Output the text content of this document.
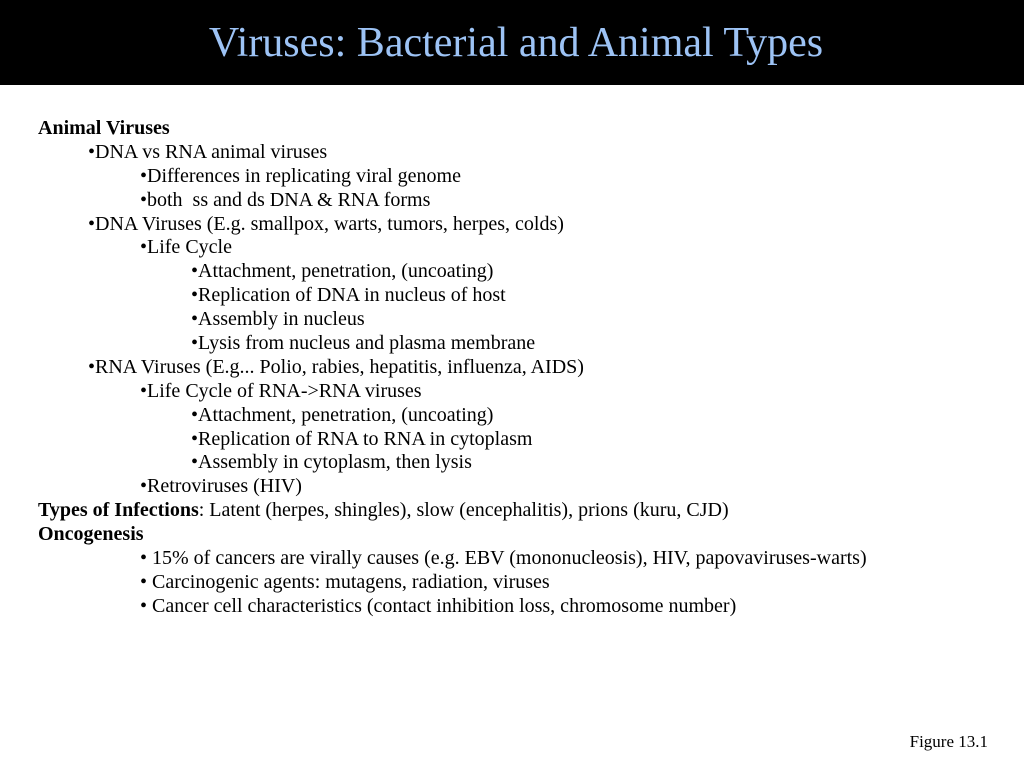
Viruses: Bacterial and Animal Types
Animal Viruses
•DNA vs RNA animal viruses
•Differences in replicating viral genome
•both  ss and ds DNA & RNA forms
•DNA Viruses (E.g. smallpox, warts, tumors, herpes, colds)
•Life Cycle
•Attachment, penetration, (uncoating)
•Replication of DNA in nucleus of host
•Assembly in nucleus
•Lysis from nucleus and plasma membrane
•RNA Viruses (E.g... Polio, rabies, hepatitis, influenza, AIDS)
•Life Cycle of RNA->RNA viruses
•Attachment, penetration, (uncoating)
•Replication of RNA to RNA in cytoplasm
•Assembly in cytoplasm, then lysis
•Retroviruses (HIV)
Types of Infections: Latent (herpes, shingles), slow (encephalitis), prions (kuru, CJD)
Oncogenesis
• 15% of cancers are virally causes (e.g. EBV (mononucleosis), HIV, papovaviruses-warts)
• Carcinogenic agents: mutagens, radiation, viruses
• Cancer cell characteristics (contact inhibition loss, chromosome number)
Figure 13.1
